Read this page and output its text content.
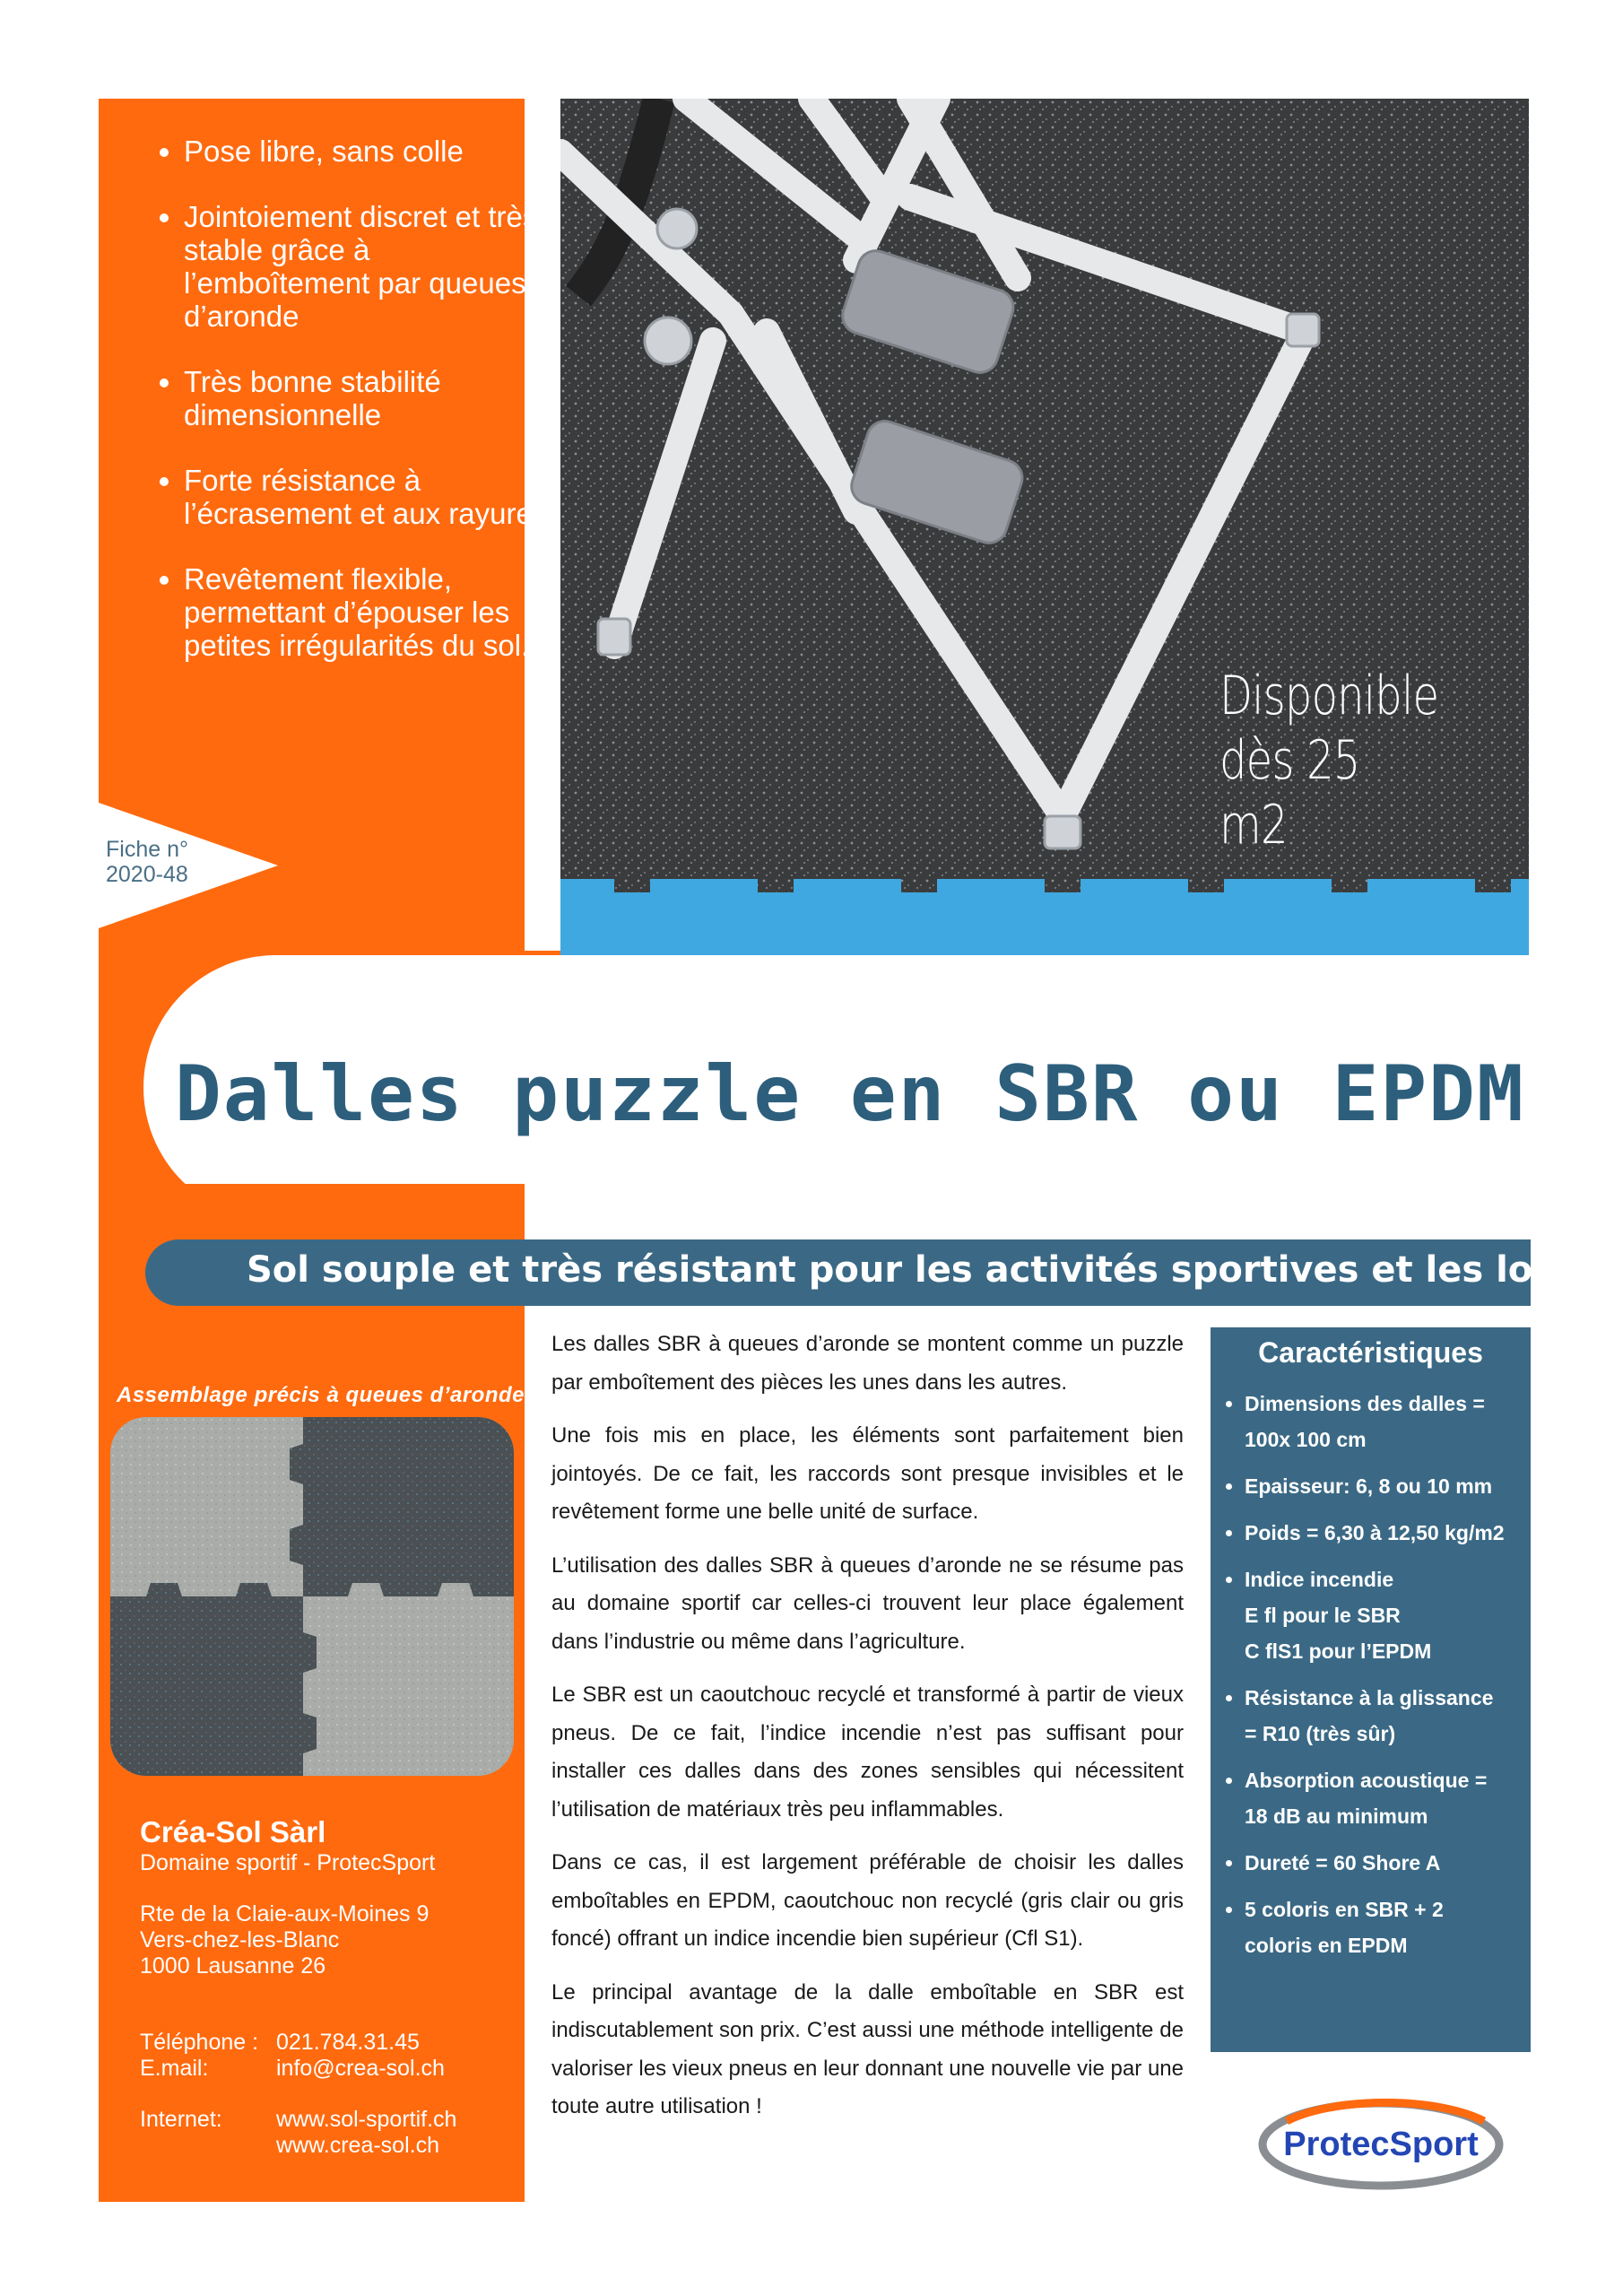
• Pose libre, sans colle
• Jointoiement discret et très stable grâce à l’emboîtement par queues d’aronde
• Très bonne stabilité dimensionnelle
• Forte résistance à l’écrasement et aux rayures
• Revêtement flexible, permettant d’épouser les petites irrégularités du sol.
Fiche n°
2020-48
Disponible
dès 25 m2
Dalles puzzle en SBR ou EPDM
Sol souple et très résistant pour les activités sportives et les loisirs
Assemblage précis à queues d’aronde
Créa-Sol Sàrl
Domaine sportif - ProtecSport
Rte de la Claie-aux-Moines 9
Vers-chez-les-Blanc
1000 Lausanne 26
Téléphone : 021.784.31.45
E.mail:	info@crea-sol.ch
Internet:	www.sol-sportif.ch
www.crea-sol.ch

Les dalles SBR à queues d’aronde se montent comme un puzzle par emboîtement des pièces les unes dans les autres.

Une fois mis en place, les éléments sont parfaitement bien jointoyés. De ce fait, les raccords sont presque invisibles et le revêtement forme une belle unité de surface.

L’utilisation des dalles SBR à queues d’aronde ne se résume pas au domaine sportif car celles-ci trouvent leur place également dans l’industrie ou même dans l’agriculture.

Le SBR est un caoutchouc recyclé et transformé à partir de vieux pneus. De ce fait, l’indice incendie n’est pas suffisant pour installer ces dalles dans des zones sensibles qui nécessitent l’utilisation de matériaux très peu inflammables.

Dans ce cas, il est largement préférable de choisir les dalles emboîtables en EPDM, caoutchouc non recyclé (gris clair ou gris foncé) offrant un indice incendie bien supérieur (Cfl S1).

Le principal avantage de la dalle emboîtable en SBR est indiscutablement son prix. C’est aussi une méthode intelligente de valoriser les vieux pneus en leur donnant une nouvelle vie par une toute autre utilisation !

Caractéristiques
• Dimensions des dalles =
100x 100 cm
• Epaisseur: 6, 8 ou 10 mm
• Poids = 6,30 à 12,50 kg/m2
• Indice incendie
E fl pour le SBR
C flS1 pour l’EPDM
• Résistance à la glissance
= R10 (très sûr)
• Absorption acoustique =
18 dB au minimum
• Dureté = 60 Shore A
• 5 coloris en SBR + 2
coloris en EPDM
ProtecSport
